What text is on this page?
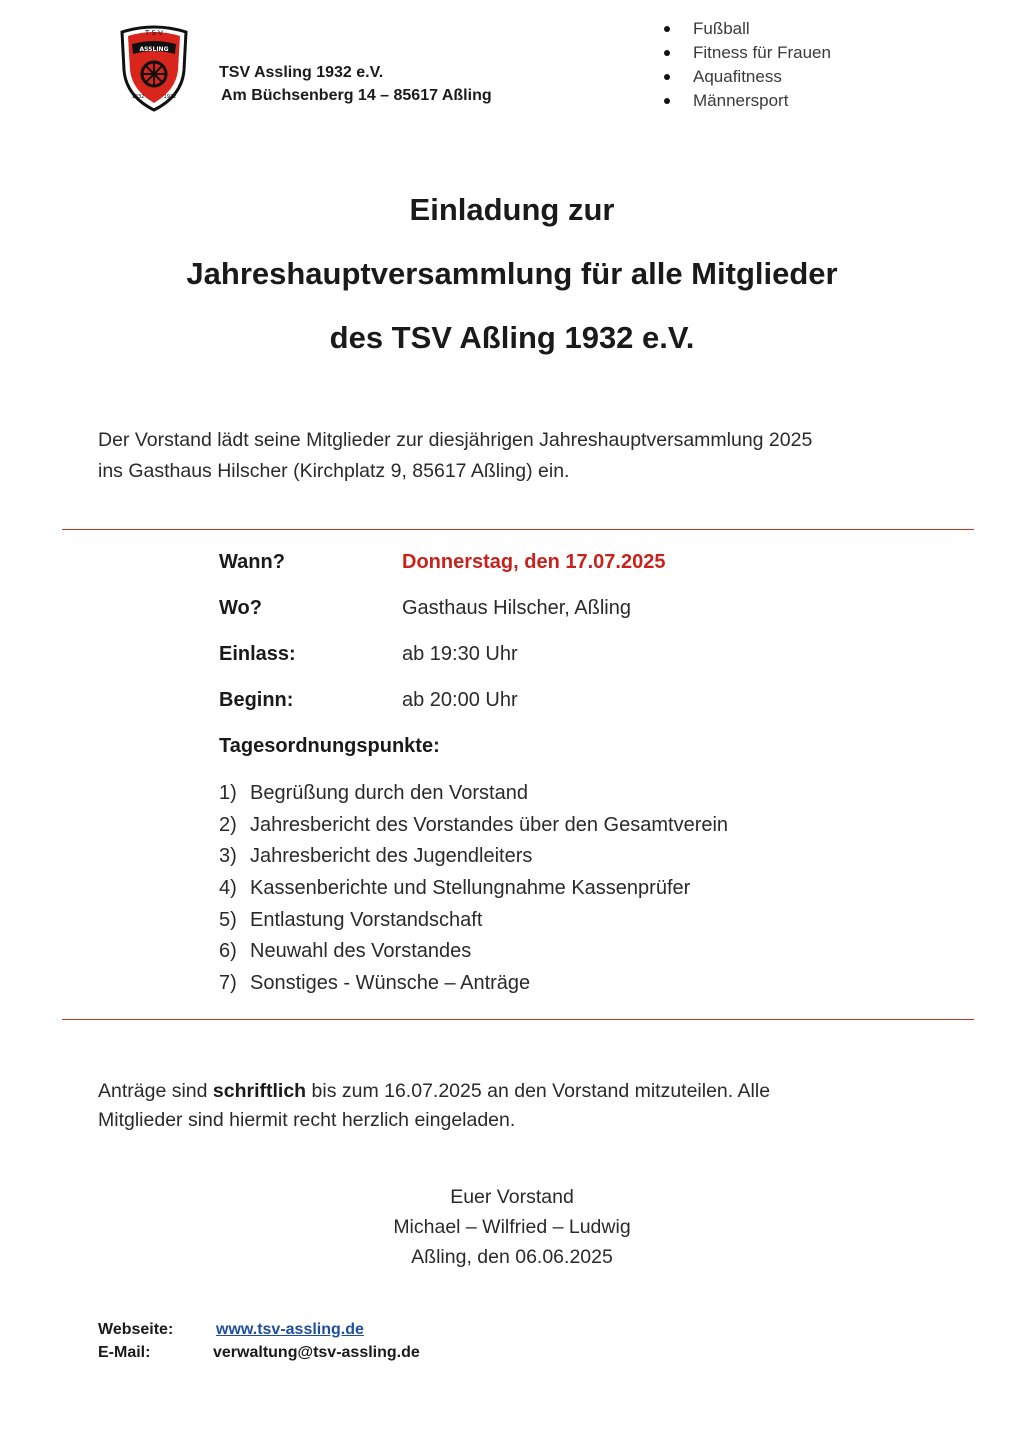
T·S·V
ASSLING
1932	1932
TSV Assling 1932 e.V.
Am Büchsenberg 14 – 85617 Aßling
Fußball
Fitness für Frauen
Aquafitness
Männersport
Einladung zur
Jahreshauptversammlung für alle Mitglieder
des TSV Aßling 1932 e.V.
Der Vorstand lädt seine Mitglieder zur diesjährigen Jahreshauptversammlung 2025
ins Gasthaus Hilscher (Kirchplatz 9, 85617 Aßling) ein.
Wann?	Donnerstag, den 17.07.2025
Wo?	Gasthaus Hilscher, Aßling
Einlass:	ab 19:30 Uhr
Beginn:	ab 20:00 Uhr
Tagesordnungspunkte:
1) Begrüßung durch den Vorstand
2) Jahresbericht des Vorstandes über den Gesamtverein
3) Jahresbericht des Jugendleiters
4) Kassenberichte und Stellungnahme Kassenprüfer
5) Entlastung Vorstandschaft
6) Neuwahl des Vorstandes
7) Sonstiges - Wünsche – Anträge
Anträge sind schriftlich bis zum 16.07.2025 an den Vorstand mitzuteilen. Alle
Mitglieder sind hiermit recht herzlich eingeladen.
Euer Vorstand
Michael – Wilfried – Ludwig
Aßling, den 06.06.2025
Webseite:	www.tsv-assling.de
E-Mail:	verwaltung@tsv-assling.de
